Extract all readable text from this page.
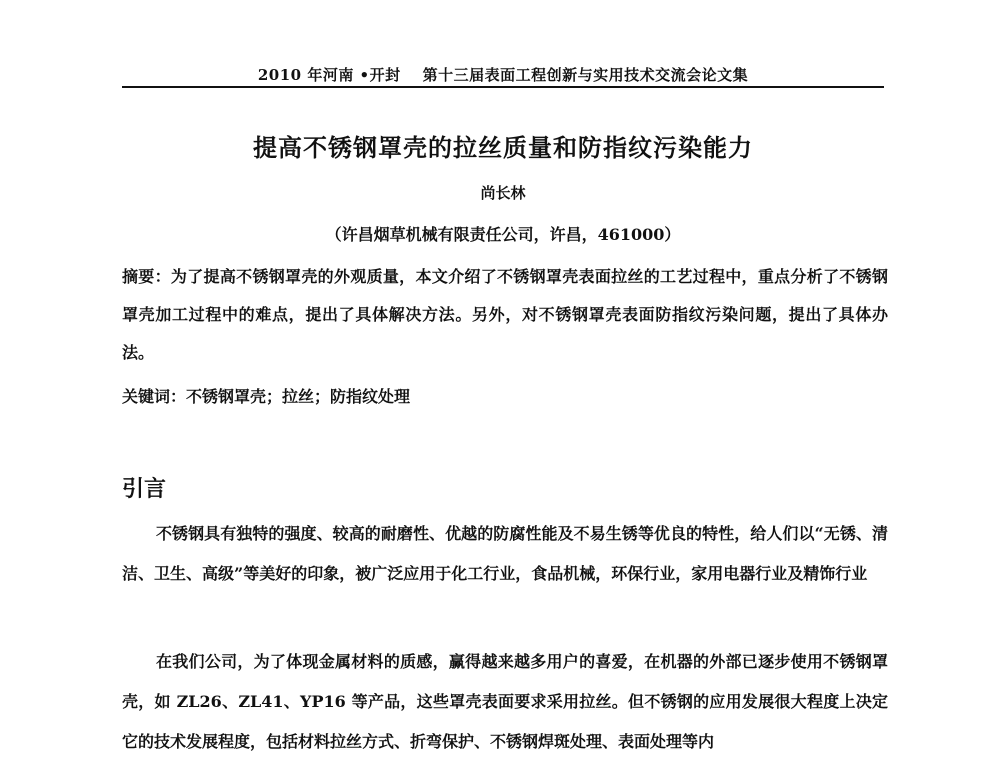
2010 年河南 •开封 第十三届表面工程创新与实用技术交流会论文集
提高不锈钢罩壳的拉丝质量和防指纹污染能力
尚长林
（许昌烟草机械有限责任公司，许昌，461000）
摘要：为了提高不锈钢罩壳的外观质量，本文介绍了不锈钢罩壳表面拉丝的工艺过程中，重点分析了不锈钢罩壳加工过程中的难点，提出了具体解决方法。另外，对不锈钢罩壳表面防指纹污染问题，提出了具体办法。
关键词：不锈钢罩壳；拉丝；防指纹处理
引言
不锈钢具有独特的强度、较高的耐磨性、优越的防腐性能及不易生锈等优良的特性，给人们以“无锈、清洁、卫生、高级”等美好的印象，被广泛应用于化工行业，食品机械，环保行业，家用电器行业及精饰行业
在我们公司，为了体现金属材料的质感，赢得越来越多用户的喜爱，在机器的外部已逐步使用不锈钢罩壳，如 ZL26、ZL41、YP16 等产品，这些罩壳表面要求采用拉丝。但不锈钢的应用发展很大程度上决定它的技术发展程度，包括材料拉丝方式、折弯保护、不锈钢焊斑处理、表面处理等内
